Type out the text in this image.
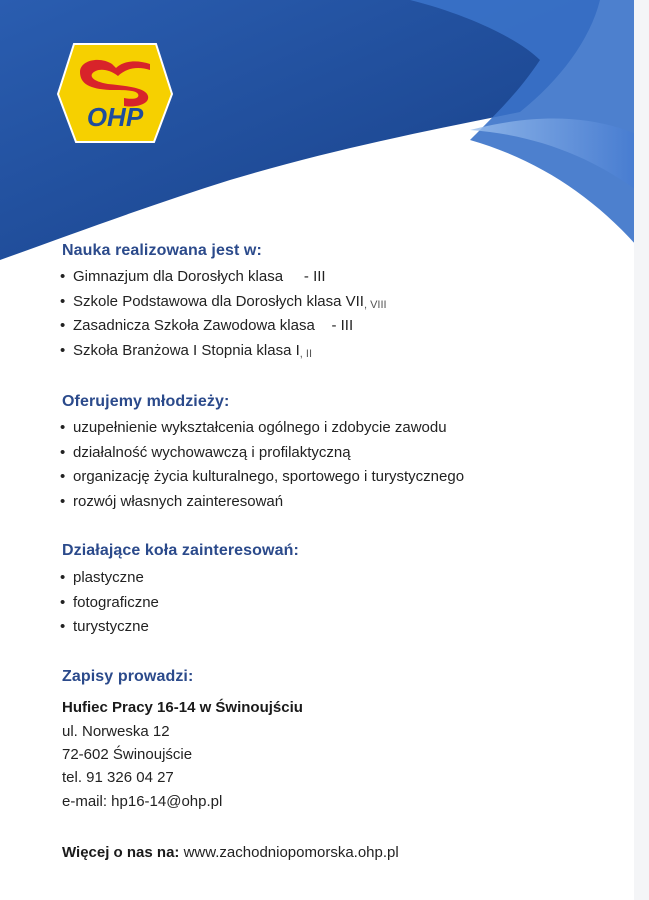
OHP
Nauka realizowana jest w:
• Gimnazjum dla Dorosłych klasa - III
• Szkole Podstawowa dla Dorosłych klasa VII, VIII
• Zasadnicza Szkoła Zawodowa klasa - III
• Szkoła Branżowa I Stopnia klasa I, II
Oferujemy młodzieży:
• uzupełnienie wykształcenia ogólnego i zdobycie zawodu
• działalność wychowawczą i profilaktyczną
• organizację życia kulturalnego, sportowego i turystycznego
• rozwój własnych zainteresowań
Działające koła zainteresowań:
• plastyczne
• fotograficzne
• turystyczne
Zapisy prowadzi:

Hufiec Pracy 16-14 w Świnoujściu

ul. Norweska 12

72-602 Świnoujście

tel. 91 326 04 27

e-mail: hp16-14@ohp.pl

Więcej o nas na: www.zachodniopomorska.ohp.pl
